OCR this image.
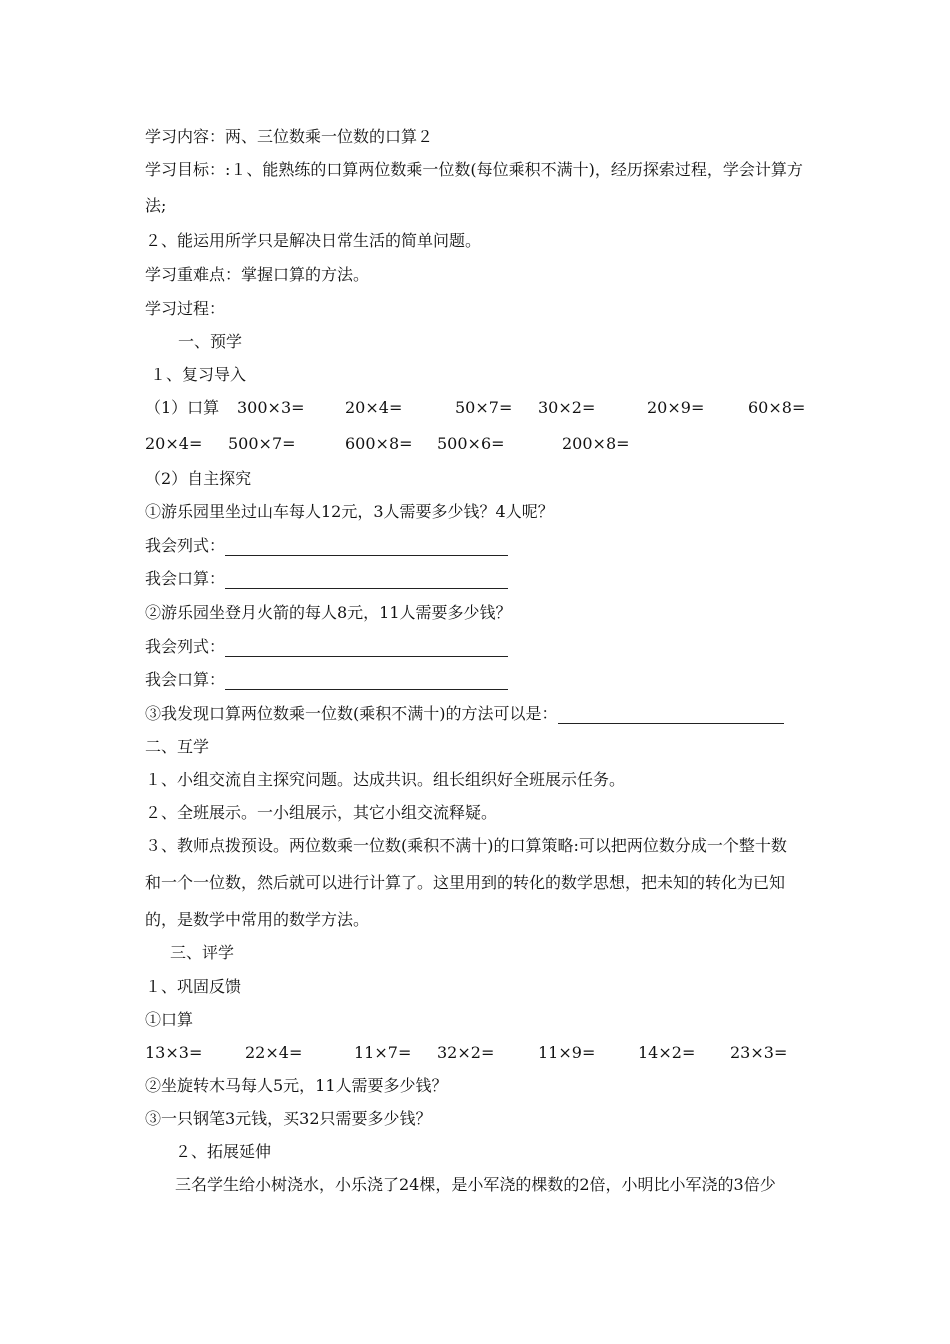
学习内容：两、三位数乘一位数的口算２
学习目标：:１、能熟练的口算两位数乘一位数(每位乘积不满十)，经历探索过程，学会计算方
法;
２、能运用所学只是解决日常生活的简单问题。
学习重难点：掌握口算的方法。
学习过程：
一、预学
１、复习导入
（1）口算 300×3=	20×4=	50×7= 30×2=	20×9=	60×8=
20×4= 500×7=	600×8= 500×6=	200×8=
（2）自主探究
①游乐园里坐过山车每人12元，3人需要多少钱？4人呢？
我会列式：
我会口算：
②游乐园坐登月火箭的每人8元，11人需要多少钱？
我会列式：
我会口算：
③我发现口算两位数乘一位数(乘积不满十)的方法可以是：
二、互学
１、小组交流自主探究问题。达成共识。组长组织好全班展示任务。
２、全班展示。一小组展示，其它小组交流释疑。
３、教师点拨预设。两位数乘一位数(乘积不满十)的口算策略:可以把两位数分成一个整十数
和一个一位数，然后就可以进行计算了。这里用到的转化的数学思想，把未知的转化为已知
的，是数学中常用的数学方法。
三、评学
１、巩固反馈
①口算
13×3=	22×4=	11×7= 32×2=	11×9=	14×2= 23×3=
②坐旋转木马每人5元，11人需要多少钱？
③一只钢笔3元钱，买32只需要多少钱？
２、拓展延伸
三名学生给小树浇水，小乐浇了24棵，是小军浇的棵数的2倍，小明比小军浇的3倍少
